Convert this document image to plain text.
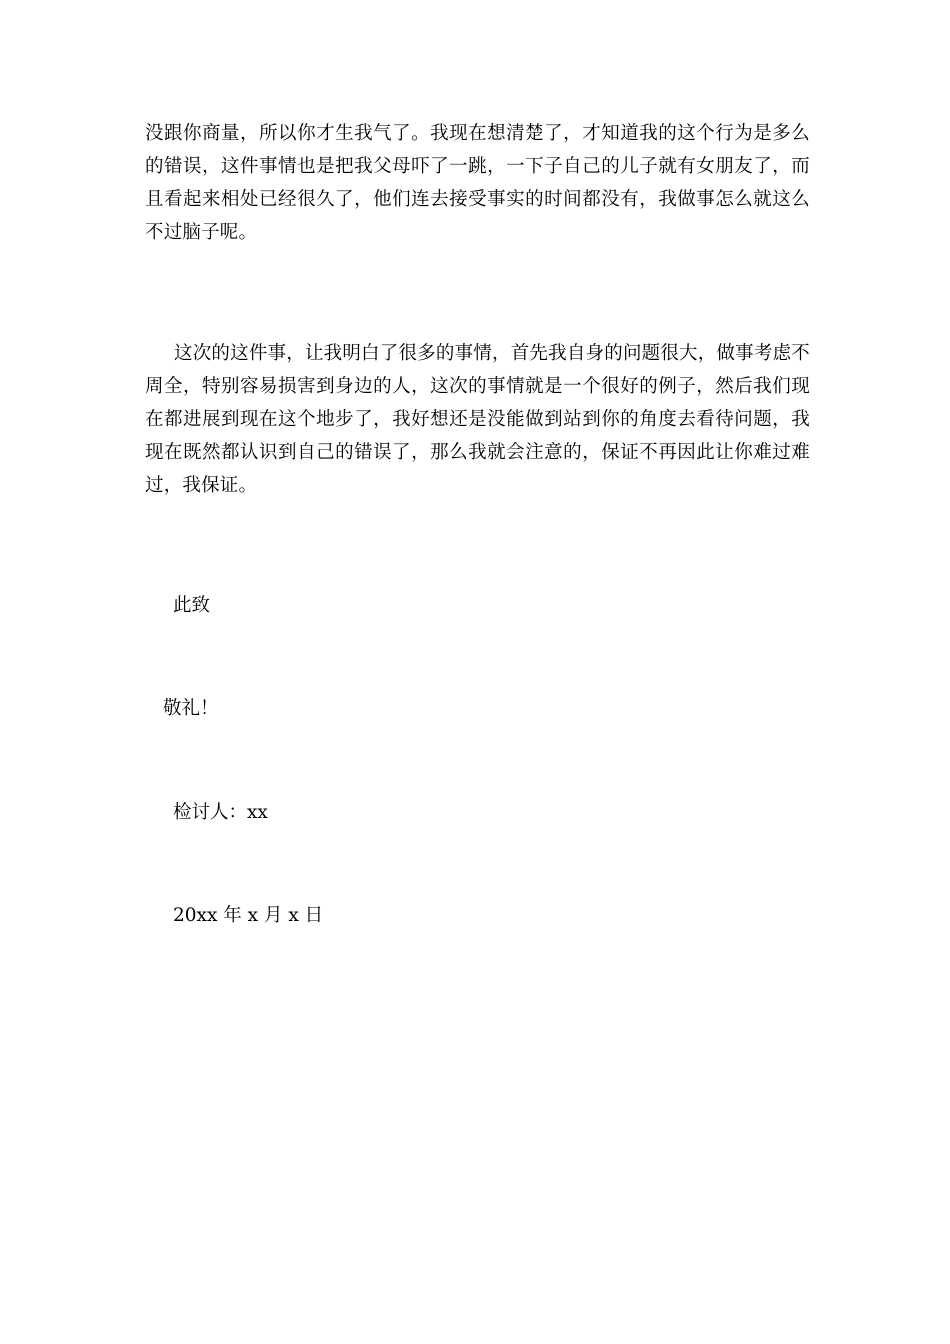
没跟你商量，所以你才生我气了。我现在想清楚了，才知道我的这个行为是多么的错误，这件事情也是把我父母吓了一跳，一下子自己的儿子就有女朋友了，而且看起来相处已经很久了，他们连去接受事实的时间都没有，我做事怎么就这么不过脑子呢。

这次的这件事，让我明白了很多的事情，首先我自身的问题很大，做事考虑不周全，特别容易损害到身边的人，这次的事情就是一个很好的例子，然后我们现在都进展到现在这个地步了，我好想还是没能做到站到你的角度去看待问题，我现在既然都认识到自己的错误了，那么我就会注意的，保证不再因此让你难过难过，我保证。

此致

敬礼！

检讨人：xx

20xx 年 x 月 x 日
